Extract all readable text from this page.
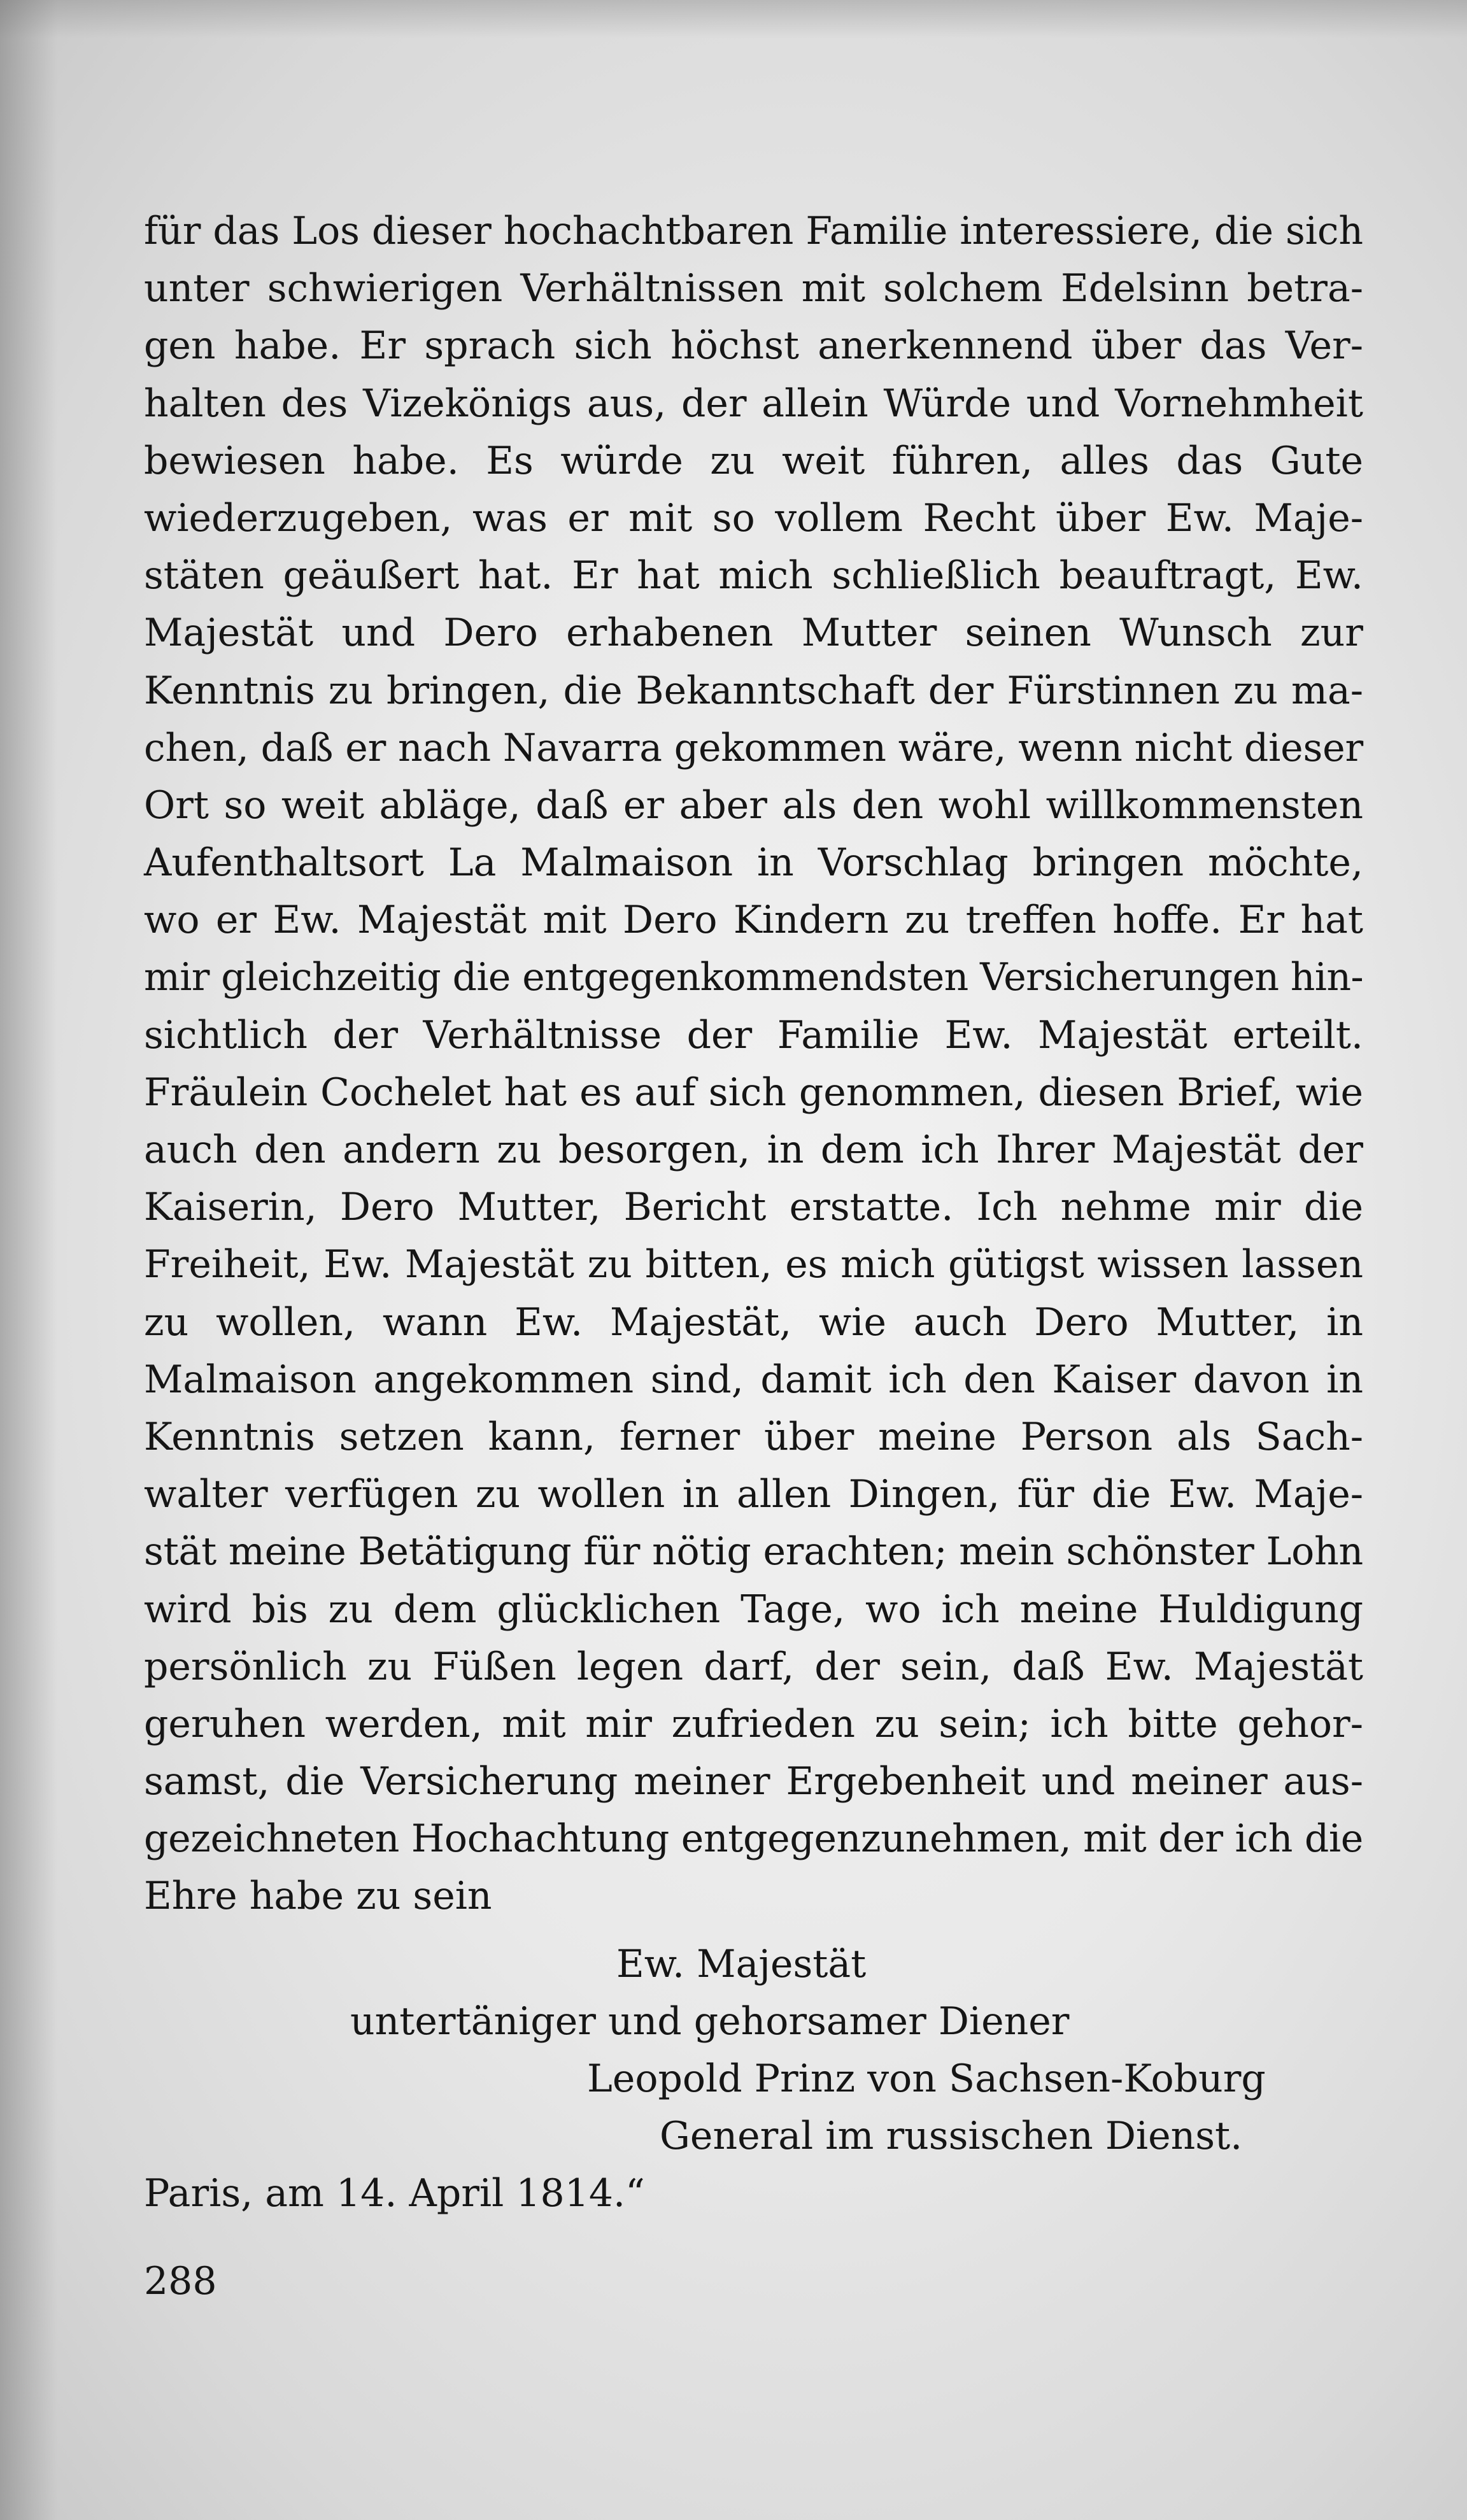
für das Los dieser hochachtbaren Familie interessiere, die sich
unter schwierigen Verhältnissen mit solchem Edelsinn betra-
gen habe. Er sprach sich höchst anerkennend über das Ver-
halten des Vizekönigs aus, der allein Würde und Vornehmheit
bewiesen habe. Es würde zu weit führen, alles das Gute
wiederzugeben, was er mit so vollem Recht über Ew. Maje-
stäten geäußert hat. Er hat mich schließlich beauftragt, Ew.
Majestät und Dero erhabenen Mutter seinen Wunsch zur
Kenntnis zu bringen, die Bekanntschaft der Fürstinnen zu ma-
chen, daß er nach Navarra gekommen wäre, wenn nicht dieser
Ort so weit abläge, daß er aber als den wohl willkommensten
Aufenthaltsort La Malmaison in Vorschlag bringen möchte,
wo er Ew. Majestät mit Dero Kindern zu treffen hoffe. Er hat
mir gleichzeitig die entgegenkommendsten Versicherungen hin-
sichtlich der Verhältnisse der Familie Ew. Majestät erteilt.
Fräulein Cochelet hat es auf sich genommen, diesen Brief, wie
auch den andern zu besorgen, in dem ich Ihrer Majestät der
Kaiserin, Dero Mutter, Bericht erstatte. Ich nehme mir die
Freiheit, Ew. Majestät zu bitten, es mich gütigst wissen lassen
zu wollen, wann Ew. Majestät, wie auch Dero Mutter, in
Malmaison angekommen sind, damit ich den Kaiser davon in
Kenntnis setzen kann, ferner über meine Person als Sach-
walter verfügen zu wollen in allen Dingen, für die Ew. Maje-
stät meine Betätigung für nötig erachten; mein schönster Lohn
wird bis zu dem glücklichen Tage, wo ich meine Huldigung
persönlich zu Füßen legen darf, der sein, daß Ew. Majestät
geruhen werden, mit mir zufrieden zu sein; ich bitte gehor-
samst, die Versicherung meiner Ergebenheit und meiner aus-
gezeichneten Hochachtung entgegenzunehmen, mit der ich die
Ehre habe zu sein
Ew. Majestät
untertäniger und gehorsamer Diener
Leopold Prinz von Sachsen-Koburg
General im russischen Dienst.
Paris, am 14. April 1814.“
288
